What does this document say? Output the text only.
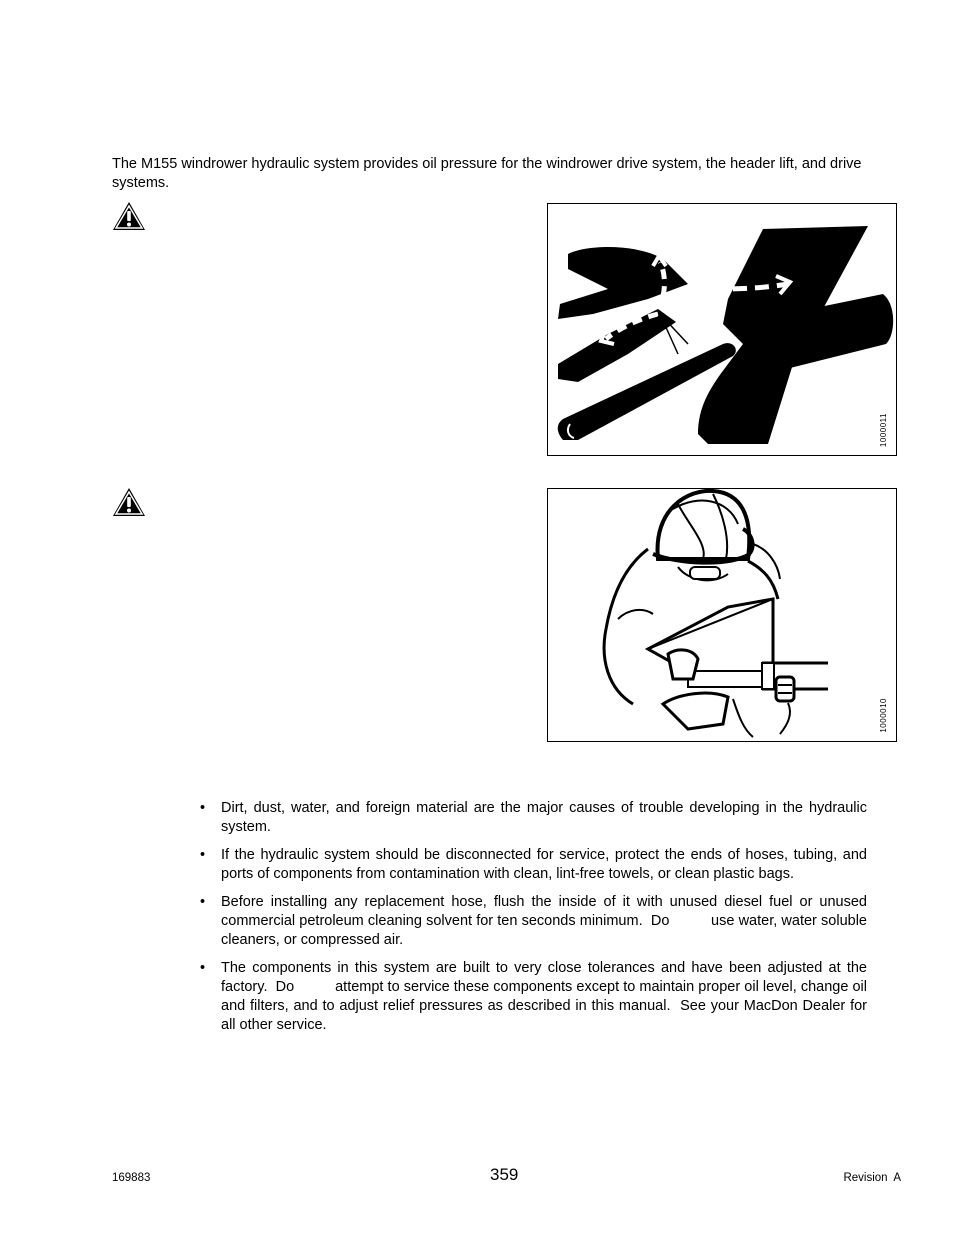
The M155 windrower hydraulic system provides oil pressure for the windrower drive system, the header lift, and drive systems.

1000011
1000010
• Dirt, dust, water, and foreign material are the major causes of trouble developing in the hydraulic system.
• If the hydraulic system should be disconnected for service, protect the ends of hoses, tubing, and ports of components from contamination with clean, lint-free towels, or clean plastic bags.
• Before installing any replacement hose, flush the inside of it with unused diesel fuel or unused commercial petroleum cleaning solvent for ten seconds minimum.  Do          use water, water soluble cleaners, or compressed air.
• The components in this system are built to very close tolerances and have been adjusted at the factory.  Do          attempt to service these components except to maintain proper oil level, change oil and filters, and to adjust relief pressures as described in this manual.  See your MacDon Dealer for all other service.
169883	359	Revision  A
